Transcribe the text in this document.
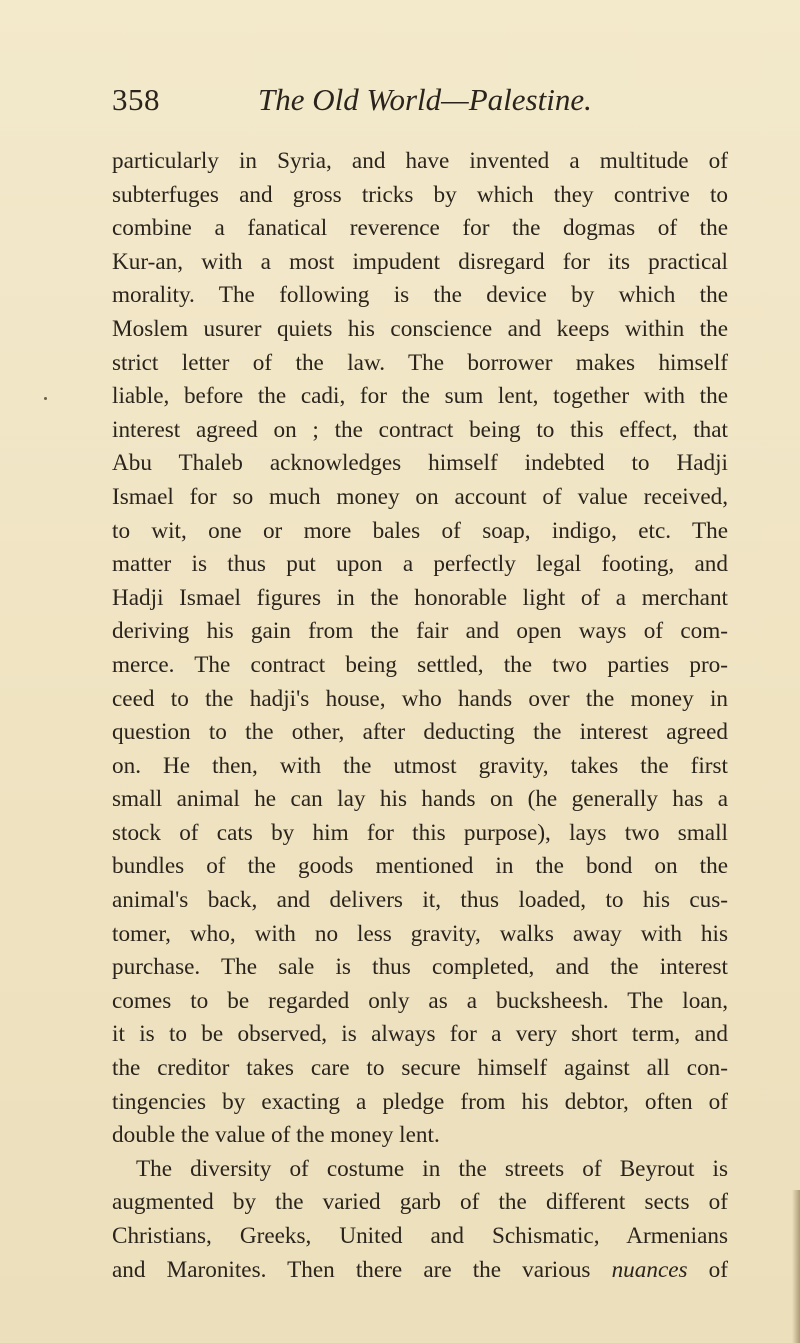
358	The Old World—Palestine.
particularly in Syria, and have invented a multitude of
subterfuges and gross tricks by which they contrive to
combine a fanatical reverence for the dogmas of the
Kur-an, with a most impudent disregard for its practical
morality. The following is the device by which the
Moslem usurer quiets his conscience and keeps within the
strict letter of the law. The borrower makes himself
liable, before the cadi, for the sum lent, together with the
interest agreed on ; the contract being to this effect, that
Abu Thaleb acknowledges himself indebted to Hadji
Ismael for so much money on account of value received,
to wit, one or more bales of soap, indigo, etc. The
matter is thus put upon a perfectly legal footing, and
Hadji Ismael figures in the honorable light of a merchant
deriving his gain from the fair and open ways of com-
merce. The contract being settled, the two parties pro-
ceed to the hadji's house, who hands over the money in
question to the other, after deducting the interest agreed
on. He then, with the utmost gravity, takes the first
small animal he can lay his hands on (he generally has a
stock of cats by him for this purpose), lays two small
bundles of the goods mentioned in the bond on the
animal's back, and delivers it, thus loaded, to his cus-
tomer, who, with no less gravity, walks away with his
purchase. The sale is thus completed, and the interest
comes to be regarded only as a bucksheesh. The loan,
it is to be observed, is always for a very short term, and
the creditor takes care to secure himself against all con-
tingencies by exacting a pledge from his debtor, often of
double the value of the money lent.
The diversity of costume in the streets of Beyrout is
augmented by the varied garb of the different sects of
Christians, Greeks, United and Schismatic, Armenians
and Maronites. Then there are the various nuances of
